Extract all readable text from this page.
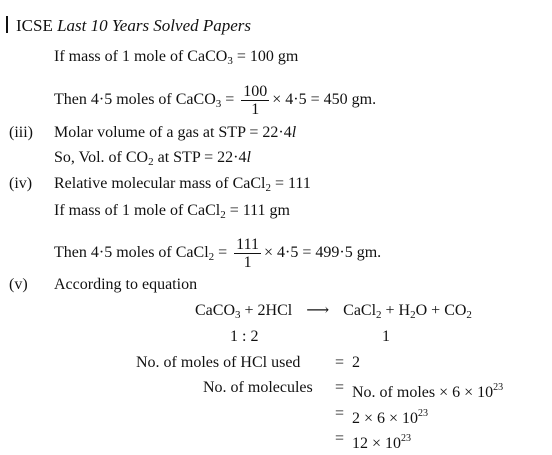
ICSE Last 10 Years Solved Papers
If mass of 1 mole of CaCO$_3$ = 100 gm
Then 4·5 moles of CaCO$_3$ = $\frac{100}{1} \times 4\cdot 5 = 450$ gm.
(iii) Molar volume of a gas at STP = 22·4l
So, Vol. of $CO_2$ at STP = 22·4l
(iv) Relative molecular mass of CaCl$_2$ = 111
If mass of 1 mole of CaCl$_2$ = 111 gm
Then 4·5 moles of CaCl$_2$ = $\frac{111}{1} \times 4\cdot 5 = 499\cdot 5$ gm.
(v) According to equation
CaCO$_3$ + 2HCl ⟶ CaCl$_2$ + $H_2O + CO_2$
1 : 2	1
No. of moles of HCl used = 2
No. of molecules = No. of moles × $6 \times 10^{23}$
= $2 \times 6 \times 10^{23}$
= $12 \times 10^{23}$
